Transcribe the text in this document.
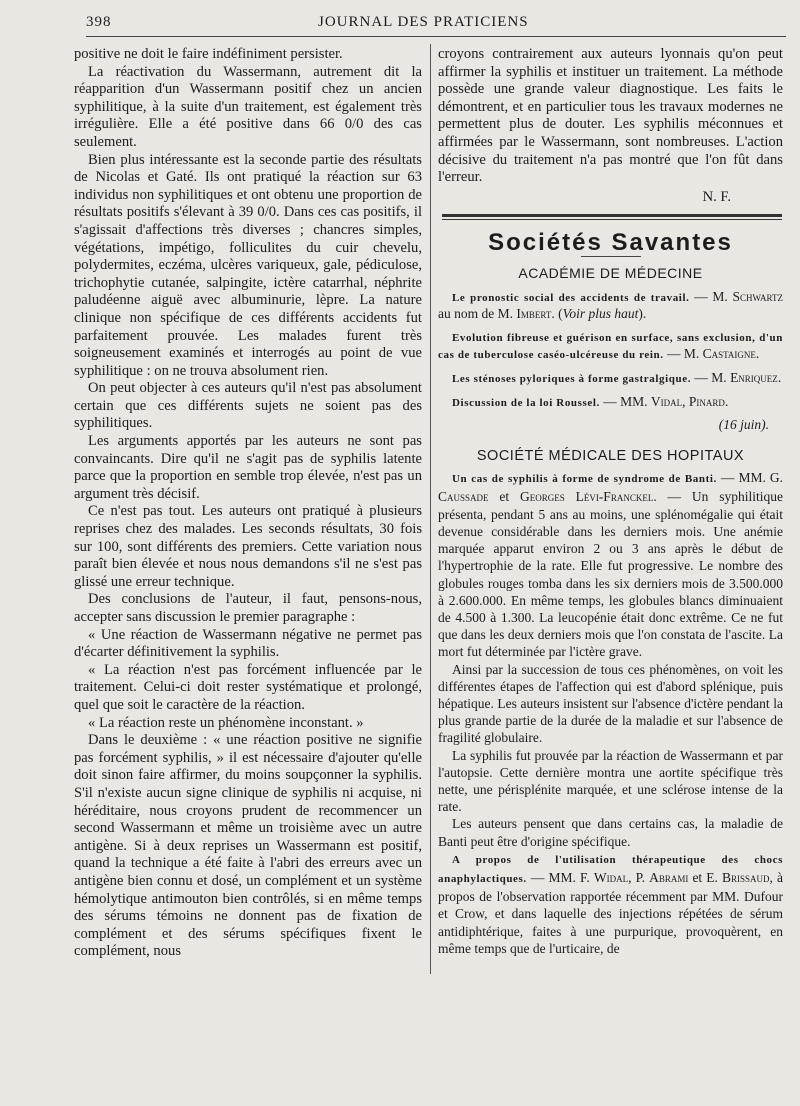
398	JOURNAL DES PRATICIENS

positive ne doit le faire indéfiniment persister.

La réactivation du Wassermann, autrement dit la réapparition d'un Wassermann positif chez un ancien syphilitique, à la suite d'un traitement, est également très irrégulière. Elle a été positive dans 66 0/0 des cas seulement.

Bien plus intéressante est la seconde partie des résultats de Nicolas et Gaté. Ils ont pratiqué la réaction sur 63 individus non syphilitiques et ont obtenu une proportion de résultats positifs s'élevant à 39 0/0. Dans ces cas positifs, il s'agissait d'affections très diverses ; chancres simples, végétations, impétigo, folliculites du cuir chevelu, polydermites, eczéma, ulcères variqueux, gale, pédiculose, trichophytie cutanée, salpingite, ictère catarrhal, néphrite paludéenne aiguë avec albuminurie, lèpre. La nature clinique non spécifique de ces différents accidents fut parfaitement prouvée. Les malades furent très soigneusement examinés et interrogés au point de vue syphilitique : on ne trouva absolument rien.

On peut objecter à ces auteurs qu'il n'est pas absolument certain que ces différents sujets ne soient pas des syphilitiques.

Les arguments apportés par les auteurs ne sont pas convaincants. Dire qu'il ne s'agit pas de syphilis latente parce que la proportion en semble trop élevée, n'est pas un argument très décisif.

Ce n'est pas tout. Les auteurs ont pratiqué à plusieurs reprises chez des malades. Les seconds résultats, 30 fois sur 100, sont différents des premiers. Cette variation nous paraît bien élevée et nous nous demandons s'il ne s'est pas glissé une erreur technique.

Des conclusions de l'auteur, il faut, pensons-nous, accepter sans discussion le premier paragraphe :

« Une réaction de Wassermann négative ne permet pas d'écarter définitivement la syphilis.

« La réaction n'est pas forcément influencée par le traitement. Celui-ci doit rester systématique et prolongé, quel que soit le caractère de la réaction.

« La réaction reste un phénomène inconstant. »

Dans le deuxième : « une réaction positive ne signifie pas forcément syphilis, » il est nécessaire d'ajouter qu'elle doit sinon faire affirmer, du moins soupçonner la syphilis. S'il n'existe aucun signe clinique de syphilis ni acquise, ni héréditaire, nous croyons prudent de recommencer un second Wassermann et même un troisième avec un autre antigène. Si à deux reprises un Wassermann est positif, quand la technique a été faite à l'abri des erreurs avec un antigène bien connu et dosé, un complément et un système hémolytique antimouton bien contrôlés, si en même temps des sérums témoins ne donnent pas de fixation de complément et des sérums spécifiques fixent le complément, nous

croyons contrairement aux auteurs lyonnais qu'on peut affirmer la syphilis et instituer un traitement. La méthode possède une grande valeur diagnostique. Les faits le démontrent, et en particulier tous les travaux modernes ne permettent plus de douter. Les syphilis méconnues et affirmées par le Wassermann, sont nombreuses. L'action décisive du traitement n'a pas montré que l'on fût dans l'erreur.

N. F.

Sociétés Savantes
ACADÉMIE DE MÉDECINE

Le pronostic social des accidents de travail. — M. Schwartz au nom de M. Imbert. (Voir plus haut).

Evolution fibreuse et guérison en surface, sans exclusion, d'un cas de tuberculose caséo-ulcéreuse du rein. — M. Castaigne.

Les sténoses pyloriques à forme gastralgique. — M. Enriquez.

Discussion de la loi Roussel. — MM. Vidal, Pinard.

(16 juin).

SOCIÉTÉ MÉDICALE DES HOPITAUX

Un cas de syphilis à forme de syndrome de Banti. — MM. G. Caussade et Georges Lévi-Franckel. — Un syphilitique présenta, pendant 5 ans au moins, une splénomégalie qui était devenue considérable dans les derniers mois. Une anémie marquée apparut environ 2 ou 3 ans après le début de l'hypertrophie de la rate. Elle fut progressive. Le nombre des globules rouges tomba dans les six derniers mois de 3.500.000 à 2.600.000. En même temps, les globules blancs diminuaient de 4.500 à 1.300. La leucopénie était donc extrême. Ce ne fut que dans les deux derniers mois que l'on constata de l'ascite. La mort fut déterminée par l'ictère grave.

Ainsi par la succession de tous ces phénomènes, on voit les différentes étapes de l'affection qui est d'abord splénique, puis hépatique. Les auteurs insistent sur l'absence d'ictère pendant la plus grande partie de la durée de la maladie et sur l'absence de fragilité globulaire.

La syphilis fut prouvée par la réaction de Wassermann et par l'autopsie. Cette dernière montra une aortite spécifique très nette, une périsplénite marquée, et une sclérose intense de la rate.

Les auteurs pensent que dans certains cas, la maladie de Banti peut être d'origine spécifique.

A propos de l'utilisation thérapeutique des chocs anaphylactiques. — MM. F. Widal, P. Abrami et E. Brissaud, à propos de l'observation rapportée récemment par MM. Dufour et Crow, et dans laquelle des injections répétées de sérum antidiphtérique, faites à une purpurique, provoquèrent, en même temps que de l'urticaire, de
